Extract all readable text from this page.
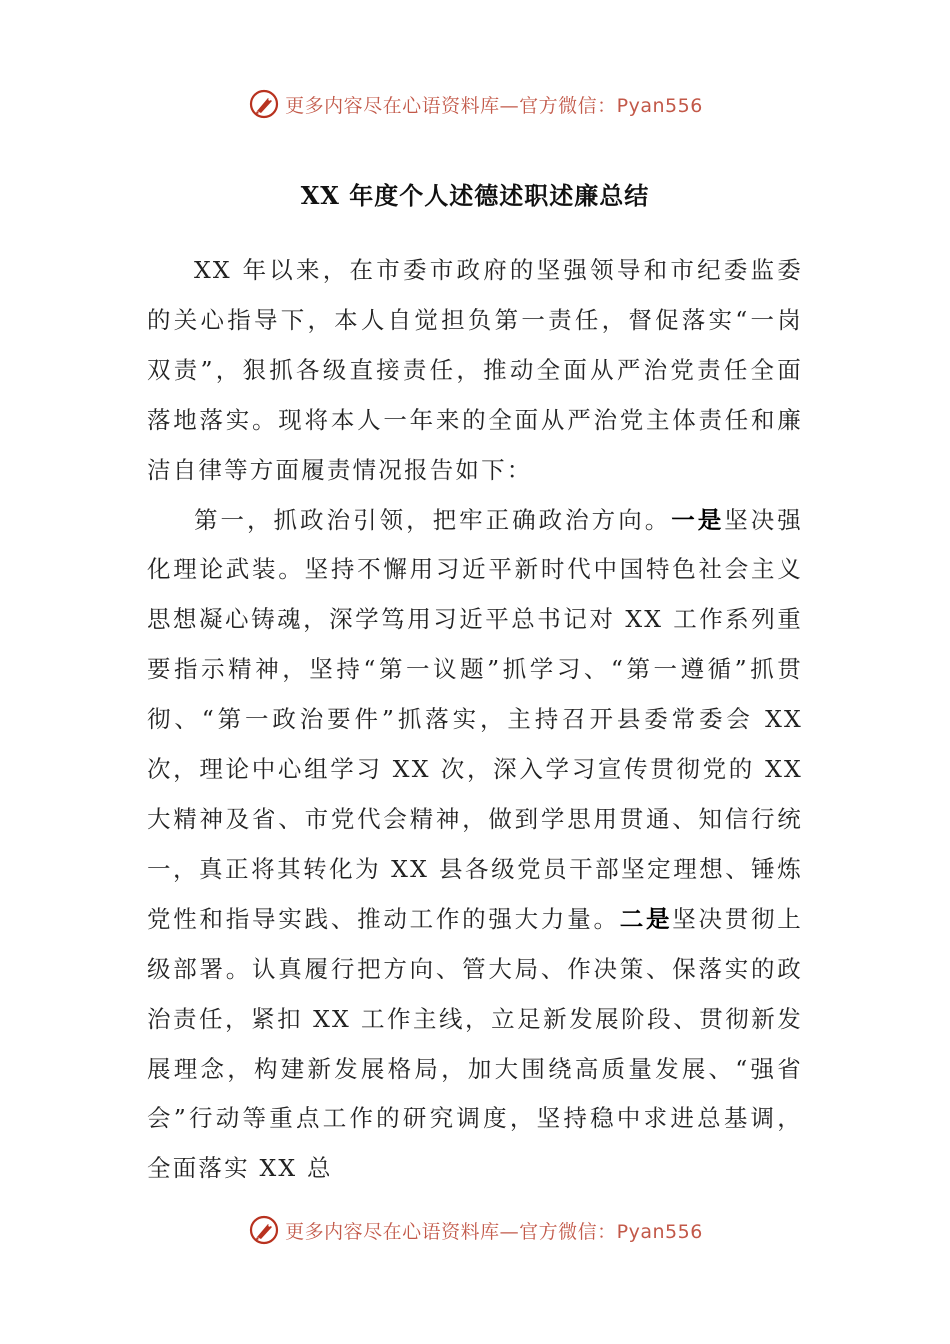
更多内容尽在心语资料库—官方微信：Pyan556
XX 年度个人述德述职述廉总结

XX 年以来，在市委市政府的坚强领导和市纪委监委的关心指导下，本人自觉担负第一责任，督促落实“一岗双责”，狠抓各级直接责任，推动全面从严治党责任全面落地落实。现将本人一年来的全面从严治党主体责任和廉洁自律等方面履责情况报告如下：

第一，抓政治引领，把牢正确政治方向。一是坚决强化理论武装。坚持不懈用习近平新时代中国特色社会主义思想凝心铸魂，深学笃用习近平总书记对 XX 工作系列重要指示精神，坚持“第一议题”抓学习、“第一遵循”抓贯彻、“第一政治要件”抓落实，主持召开县委常委会 XX 次，理论中心组学习 XX 次，深入学习宣传贯彻党的 XX 大精神及省、市党代会精神，做到学思用贯通、知信行统一，真正将其转化为 XX 县各级党员干部坚定理想、锤炼党性和指导实践、推动工作的强大力量。二是坚决贯彻上级部署。认真履行把方向、管大局、作决策、保落实的政治责任，紧扣 XX 工作主线，立足新发展阶段、贯彻新发展理念，构建新发展格局，加大围绕高质量发展、“强省会”行动等重点工作的研究调度，坚持稳中求进总基调，全面落实 XX 总

更多内容尽在心语资料库—官方微信：Pyan556
